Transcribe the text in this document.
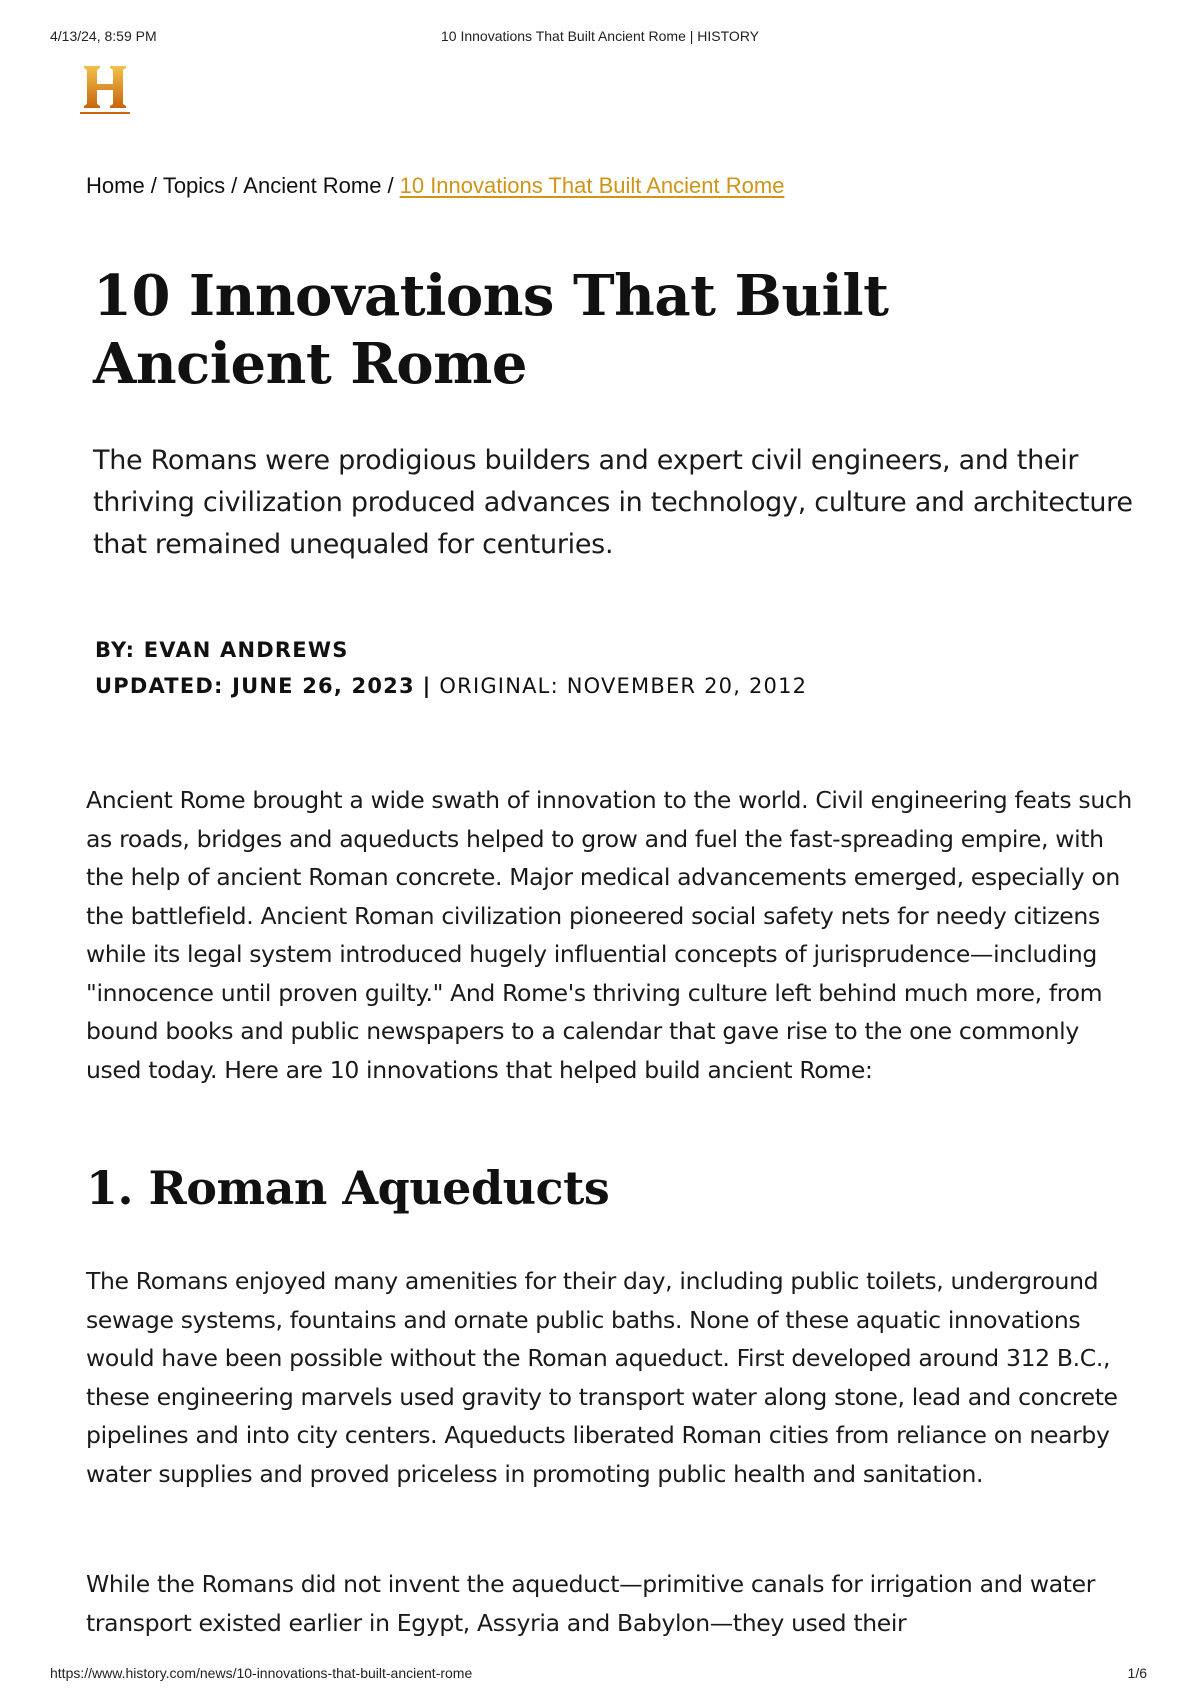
4/13/24, 8:59 PM	10 Innovations That Built Ancient Rome | HISTORY
Home / Topics / Ancient Rome / 10 Innovations That Built Ancient Rome
10 Innovations That Built Ancient Rome

The Romans were prodigious builders and expert civil engineers, and their thriving civilization produced advances in technology, culture and architecture that remained unequaled for centuries.

BY: EVAN ANDREWS
UPDATED: JUNE 26, 2023 | ORIGINAL: NOVEMBER 20, 2012

Ancient Rome brought a wide swath of innovation to the world. Civil engineering feats such as roads, bridges and aqueducts helped to grow and fuel the fast-spreading empire, with the help of ancient Roman concrete. Major medical advancements emerged, especially on the battlefield. Ancient Roman civilization pioneered social safety nets for needy citizens while its legal system introduced hugely influential concepts of jurisprudence—including "innocence until proven guilty." And Rome's thriving culture left behind much more, from bound books and public newspapers to a calendar that gave rise to the one commonly used today. Here are 10 innovations that helped build ancient Rome:

1. Roman Aqueducts

The Romans enjoyed many amenities for their day, including public toilets, underground sewage systems, fountains and ornate public baths. None of these aquatic innovations would have been possible without the Roman aqueduct. First developed around 312 B.C., these engineering marvels used gravity to transport water along stone, lead and concrete pipelines and into city centers. Aqueducts liberated Roman cities from reliance on nearby water supplies and proved priceless in promoting public health and sanitation.

While the Romans did not invent the aqueduct—primitive canals for irrigation and water transport existed earlier in Egypt, Assyria and Babylon—they used their

https://www.history.com/news/10-innovations-that-built-ancient-rome	1/6
